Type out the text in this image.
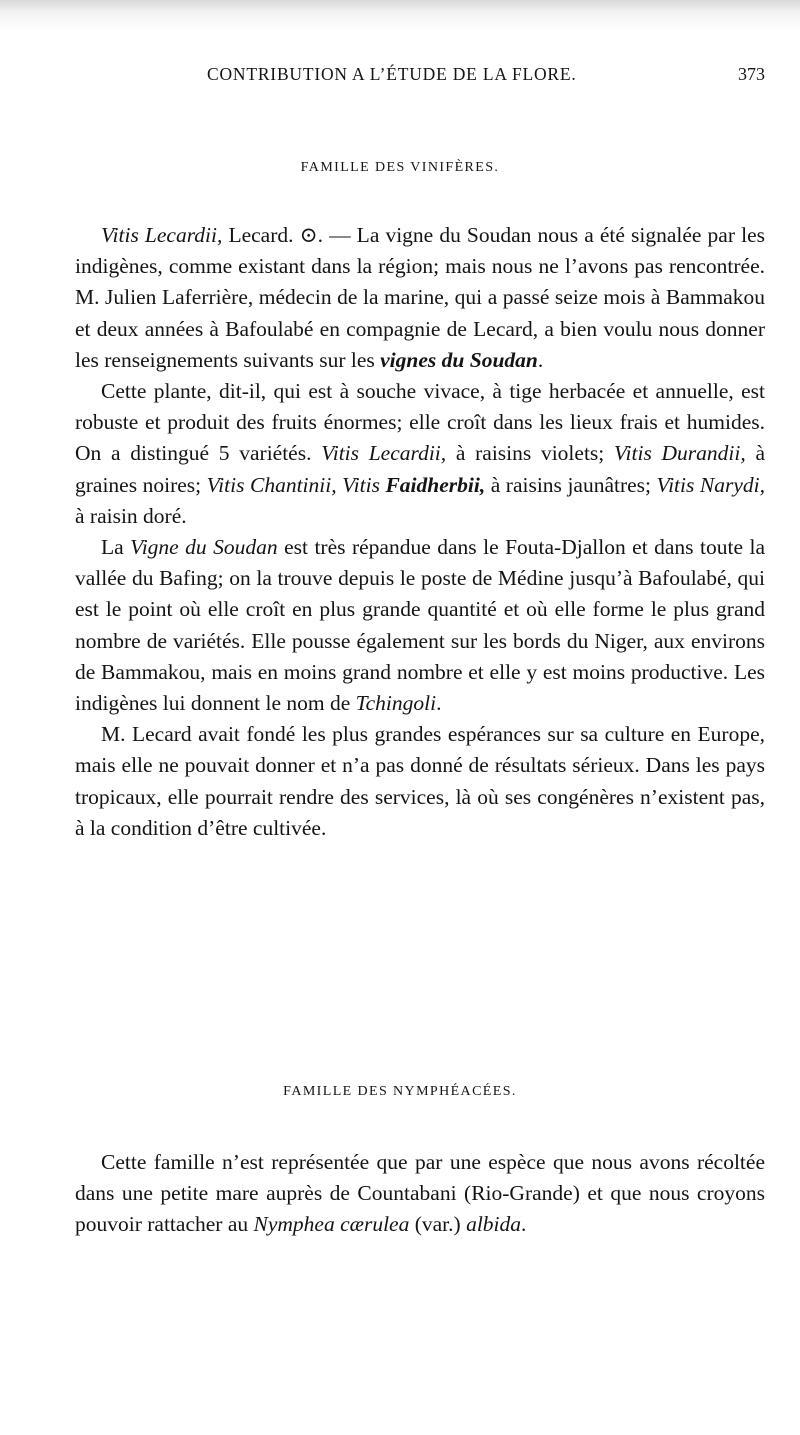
CONTRIBUTION A L’ÉTUDE DE LA FLORE.	373
FAMILLE DES VINIFÈRES.

Vitis Lecardii, Lecard. ⊙. — La vigne du Soudan nous a été signalée par les indigènes, comme existant dans la région; mais nous ne l’avons pas rencontrée. M. Julien Laferrière, médecin de la marine, qui a passé seize mois à Bammakou et deux années à Bafoulabé en compagnie de Lecard, a bien voulu nous donner les renseignements suivants sur les vignes du Soudan.

Cette plante, dit-il, qui est à souche vivace, à tige herbacée et annuelle, est robuste et produit des fruits énormes; elle croît dans les lieux frais et humides. On a distingué 5 variétés. Vitis Lecardii, à raisins violets; Vitis Durandii, à graines noires; Vitis Chantinii, Vitis Faidherbii, à raisins jaunâtres; Vitis Narydi, à raisin doré.

La Vigne du Soudan est très répandue dans le Fouta-Djallon et dans toute la vallée du Bafing; on la trouve depuis le poste de Médine jusqu’à Bafoulabé, qui est le point où elle croît en plus grande quantité et où elle forme le plus grand nombre de variétés. Elle pousse également sur les bords du Niger, aux environs de Bammakou, mais en moins grand nombre et elle y est moins productive. Les indigènes lui donnent le nom de Tchingoli.

M. Lecard avait fondé les plus grandes espérances sur sa culture en Europe, mais elle ne pouvait donner et n’a pas donné de résultats sérieux. Dans les pays tropicaux, elle pourrait rendre des services, là où ses congénères n’existent pas, à la condition d’être cultivée.

FAMILLE DES NYMPHÉACÉES.

Cette famille n’est représentée que par une espèce que nous avons récoltée dans une petite mare auprès de Countabani (Rio-Grande) et que nous croyons pouvoir rattacher au Nymphea cærulea (var.) albida.
